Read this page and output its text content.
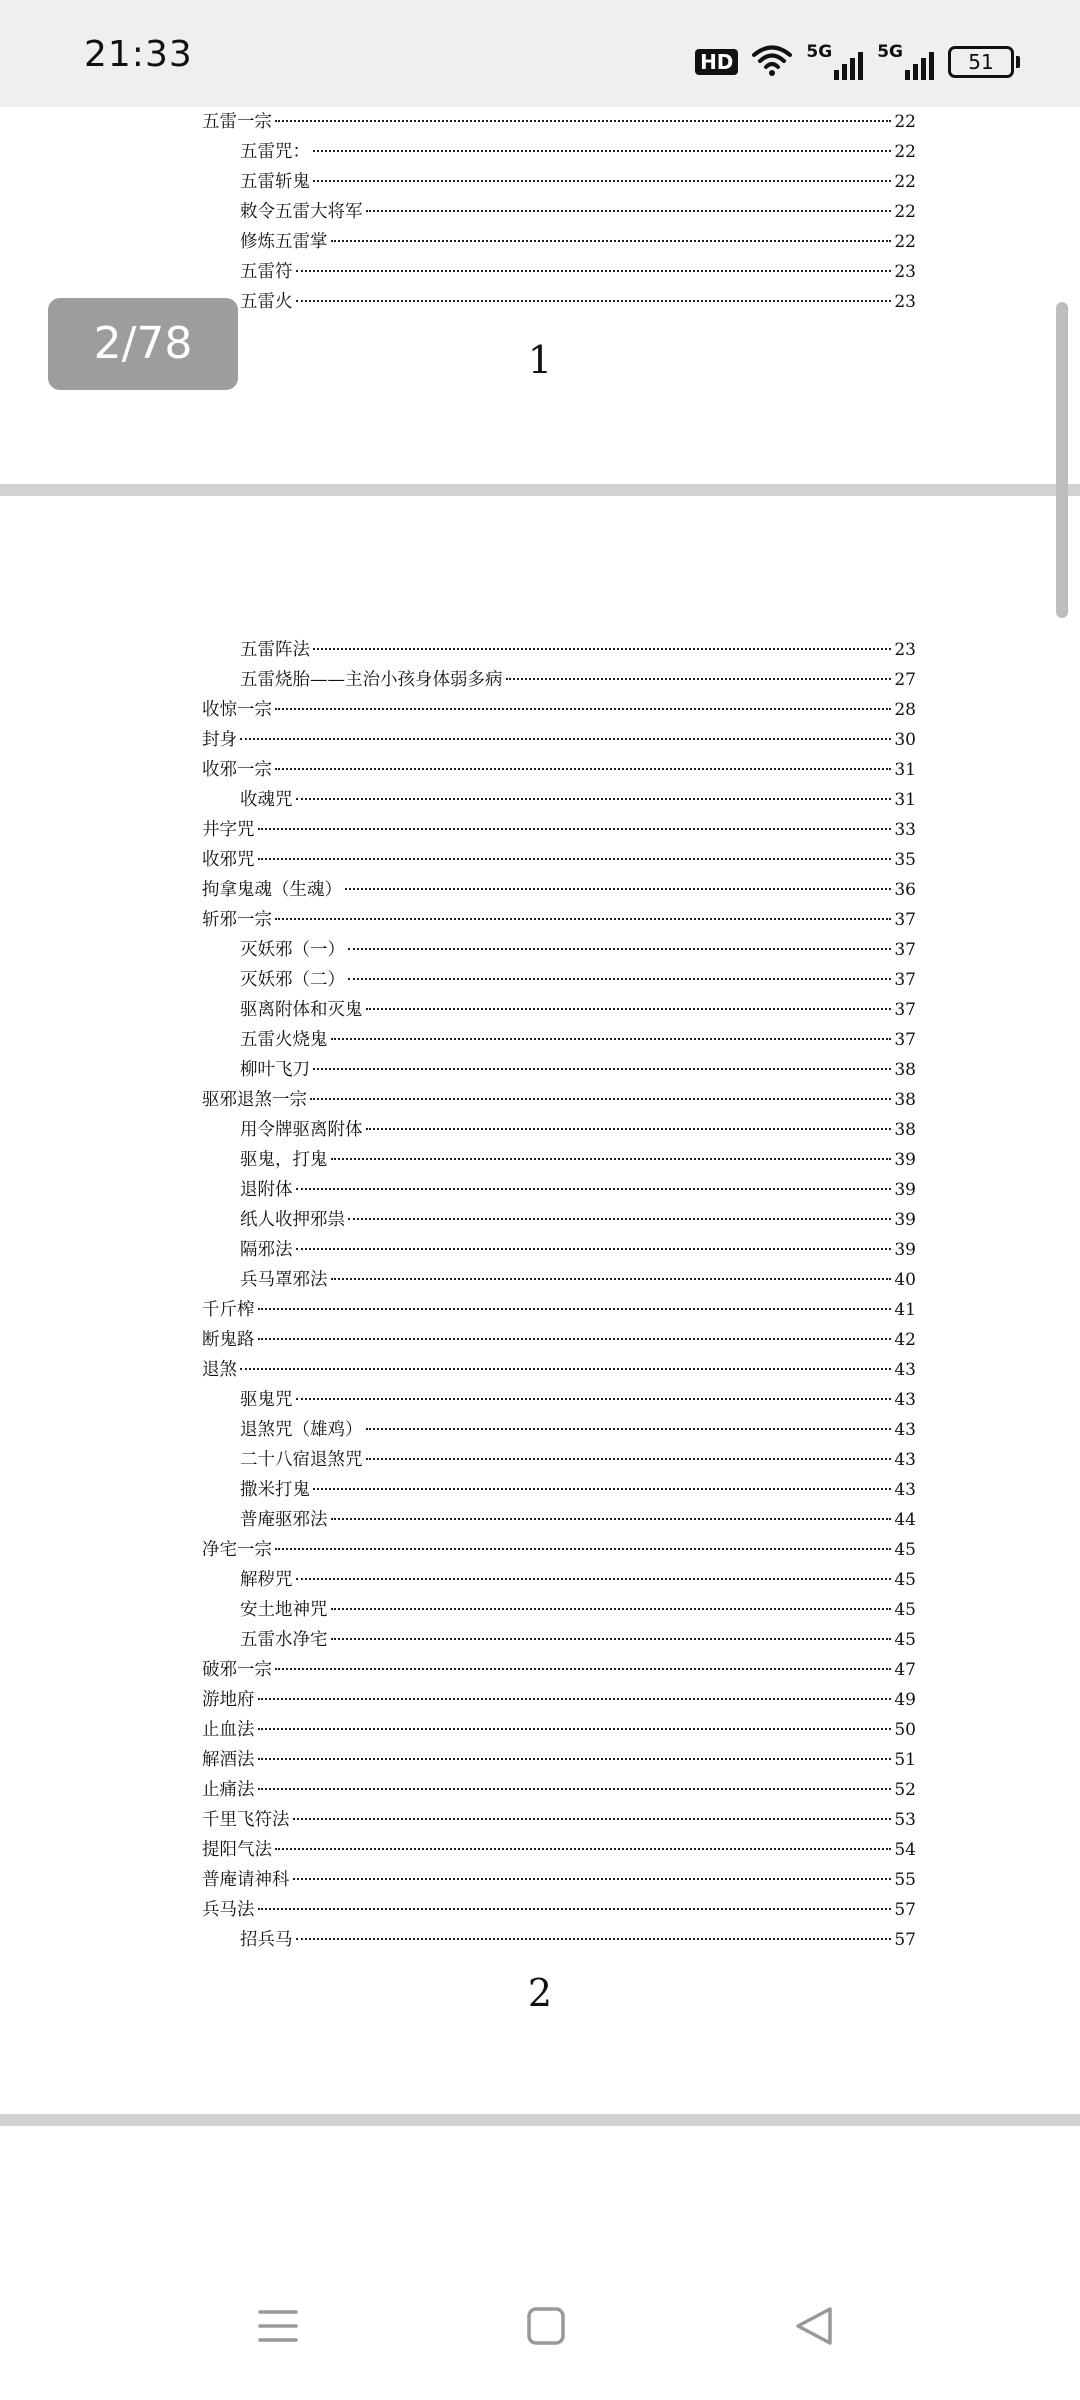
21:33	HD	5G	5G	51
五雷一宗	22
五雷咒：	22
五雷斩鬼	22
敕令五雷大将军	22
修炼五雷掌	22
五雷符	23
五雷火	23
1
五雷阵法	23
五雷烧胎——主治小孩身体弱多病	27
收惊一宗	28
封身	30
收邪一宗	31
收魂咒	31
井字咒	33
收邪咒	35
拘拿鬼魂（生魂）	36
斩邪一宗	37
灭妖邪（一）	37
灭妖邪（二）	37
驱离附体和灭鬼	37
五雷火烧鬼	37
柳叶飞刀	38
驱邪退煞一宗	38
用令牌驱离附体	38
驱鬼，打鬼	39
退附体	39
纸人收押邪祟	39
隔邪法	39
兵马罩邪法	40
千斤榨	41
断鬼路	42
退煞	43
驱鬼咒	43
退煞咒（雄鸡）	43
二十八宿退煞咒	43
撒米打鬼	43
普庵驱邪法	44
净宅一宗	45
解秽咒	45
安土地神咒	45
五雷水净宅	45
破邪一宗	47
游地府	49
止血法	50
解酒法	51
止痛法	52
千里飞符法	53
提阳气法	54
普庵请神科	55
兵马法	57
招兵马	57
2
2/78
